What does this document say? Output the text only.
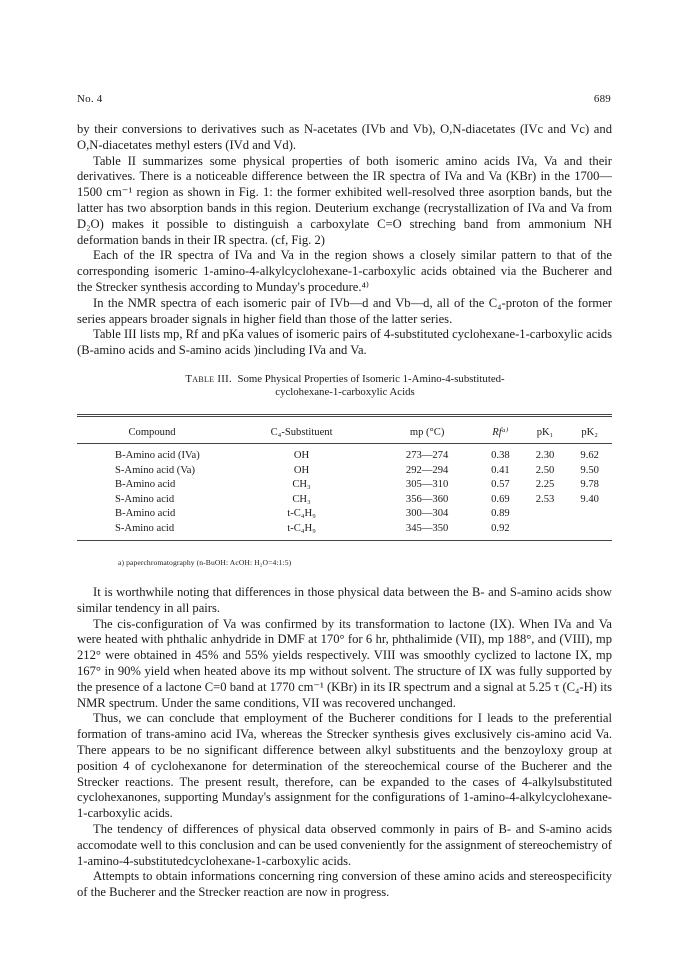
No. 4	689

by their conversions to derivatives such as N-acetates (IVb and Vb), O,N-diacetates (IVc and Vc) and O,N-diacetates methyl esters (IVd and Vd).

Table II summarizes some physical properties of both isomeric amino acids IVa, Va and their derivatives. There is a noticeable difference between the IR spectra of IVa and Va (KBr) in the 1700—1500 cm⁻¹ region as shown in Fig. 1: the former exhibited well-resolved three asorption bands, but the latter has two absorption bands in this region. Deuterium exchange (recrystallization of IVa and Va from D₂O) makes it possible to distinguish a carboxylate C=O streching band from ammonium NH deformation bands in their IR spectra. (cf, Fig. 2)

Each of the IR spectra of IVa and Va in the region shows a closely similar pattern to that of the corresponding isomeric 1-amino-4-alkylcyclohexane-1-carboxylic acids obtained via the Bucherer and the Strecker synthesis according to Munday's procedure.⁴⁾

In the NMR spectra of each isomeric pair of IVb—d and Vb—d, all of the C₄-proton of the former series appears broader signals in higher field than those of the latter series.

Table III lists mp, Rf and pKa values of isomeric pairs of 4-substituted cyclohexane-1-carboxylic acids (B-amino acids and S-amino acids )including IVa and Va.

Table III. Some Physical Properties of Isomeric 1-Amino-4-substituted-
cyclohexane-1-carboxylic Acids
Compound	C₄-Substituent	mp (°C)	Rfᵃ⁾	pK₁	pK₂
B-Amino acid (IVa)	OH	273—274	0.38	2.30	9.62
S-Amino acid (Va)	OH	292—294	0.41	2.50	9.50
B-Amino acid	CH₃	305—310	0.57	2.25	9.78
S-Amino acid	CH₃	356—360	0.69	2.53	9.40
B-Amino acid	t-C₄H₉	300—304	0.89		
S-Amino acid	t-C₄H₉	345—350	0.92		
a) paperchromatography (n-BuOH: AcOH: H₂O=4:1:5)

It is worthwhile noting that differences in those physical data between the B- and S-amino acids show similar tendency in all pairs.

The cis-configuration of Va was confirmed by its transformation to lactone (IX). When IVa and Va were heated with phthalic anhydride in DMF at 170° for 6 hr, phthalimide (VII), mp 188°, and (VIII), mp 212° were obtained in 45% and 55% yields respectively. VIII was smoothly cyclized to lactone IX, mp 167° in 90% yield when heated above its mp without solvent. The structure of IX was fully supported by the presence of a lactone C=0 band at 1770 cm⁻¹ (KBr) in its IR spectrum and a signal at 5.25 τ (C₄-H) its NMR spectrum. Under the same conditions, VII was recovered unchanged.

Thus, we can conclude that employment of the Bucherer conditions for I leads to the preferential formation of trans-amino acid IVa, whereas the Strecker synthesis gives exclusively cis-amino acid Va. There appears to be no significant difference between alkyl substituents and the benzoyloxy group at position 4 of cyclohexanone for determination of the stereochemical course of the Bucherer and the Strecker reactions. The present result, therefore, can be expanded to the cases of 4-alkylsubstituted cyclohexanones, supporting Munday's assignment for the configurations of 1-amino-4-alkylcyclohexane-1-carboxylic acids.

The tendency of differences of physical data observed commonly in pairs of B- and S-amino acids accomodate well to this conclusion and can be used conveniently for the assignment of stereochemistry of 1-amino-4-substitutedcyclohexane-1-carboxylic acids.

Attempts to obtain informations concerning ring conversion of these amino acids and stereospecificity of the Bucherer and the Strecker reaction are now in progress.
